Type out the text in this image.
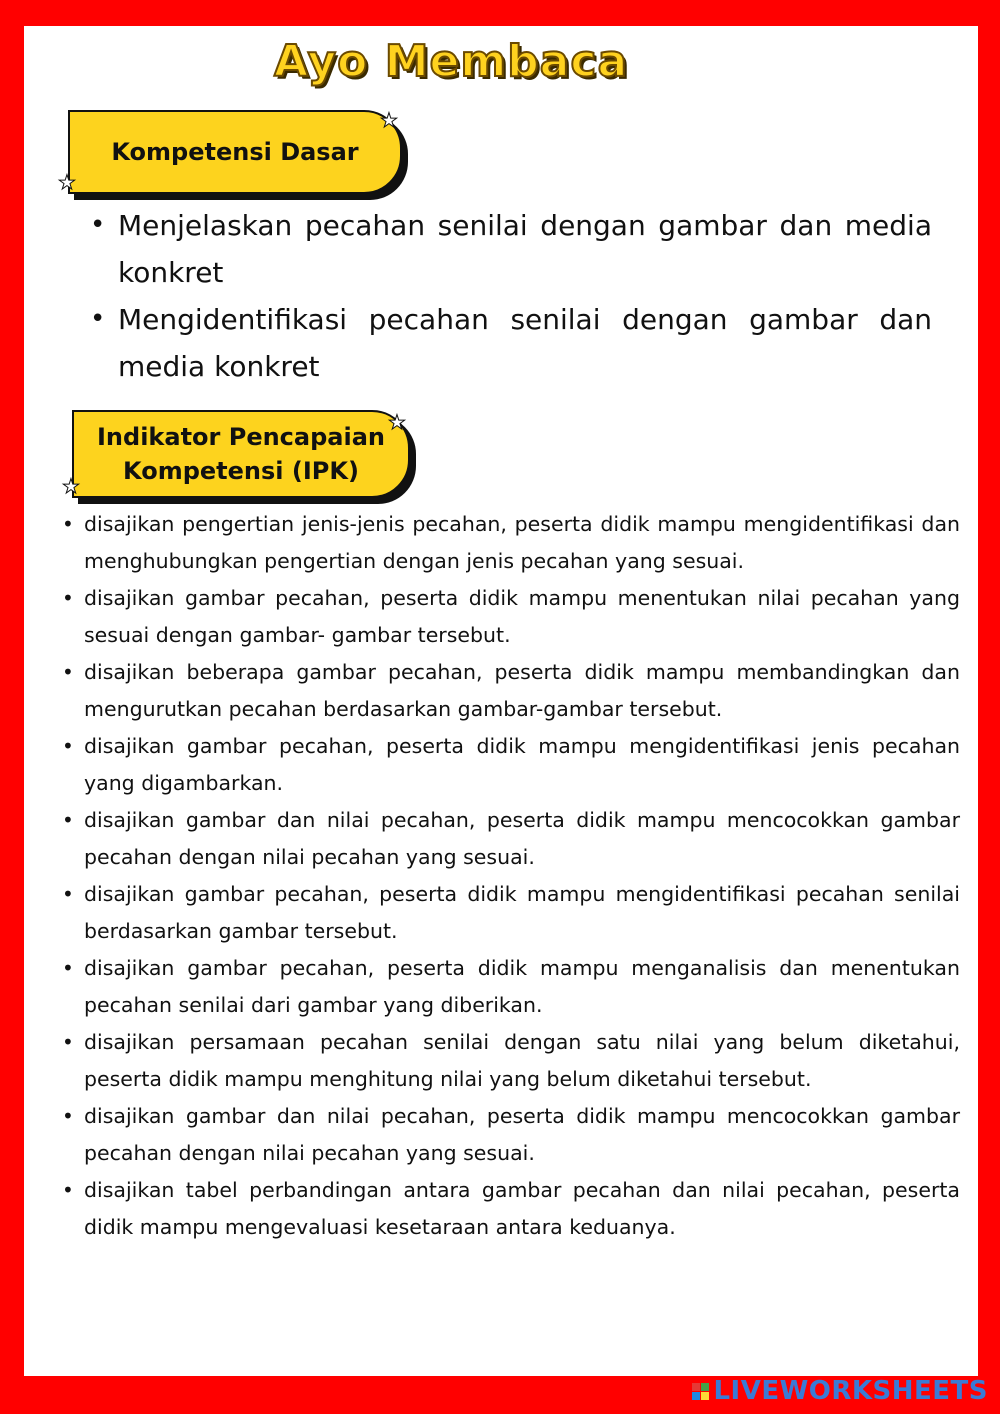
Ayo Membaca
Kompetensi Dasar
★
★
• Menjelaskan pecahan senilai dengan gambar dan media konkret
• Mengidentifikasi pecahan senilai dengan gambar dan media konkret
Indikator Pencapaian Kompetensi (IPK)
★
★
• disajikan pengertian jenis-jenis pecahan, peserta didik mampu mengidentifikasi dan menghubungkan pengertian dengan jenis pecahan yang sesuai.
• disajikan gambar pecahan, peserta didik mampu menentukan nilai pecahan yang sesuai dengan gambar- gambar tersebut.
• disajikan beberapa gambar pecahan, peserta didik mampu membandingkan dan mengurutkan pecahan berdasarkan gambar-gambar tersebut.
• disajikan gambar pecahan, peserta didik mampu mengidentifikasi jenis pecahan yang digambarkan.
• disajikan gambar dan nilai pecahan, peserta didik mampu mencocokkan gambar pecahan dengan nilai pecahan yang sesuai.
• disajikan gambar pecahan, peserta didik mampu mengidentifikasi pecahan senilai berdasarkan gambar tersebut.
• disajikan gambar pecahan, peserta didik mampu menganalisis dan menentukan pecahan senilai dari gambar yang diberikan.
• disajikan persamaan pecahan senilai dengan satu nilai yang belum diketahui, peserta didik mampu menghitung nilai yang belum diketahui tersebut.
• disajikan gambar dan nilai pecahan, peserta didik mampu mencocokkan gambar pecahan dengan nilai pecahan yang sesuai.
• disajikan tabel perbandingan antara gambar pecahan dan nilai pecahan, peserta didik mampu mengevaluasi kesetaraan antara keduanya.
LIVEWORKSHEETS
